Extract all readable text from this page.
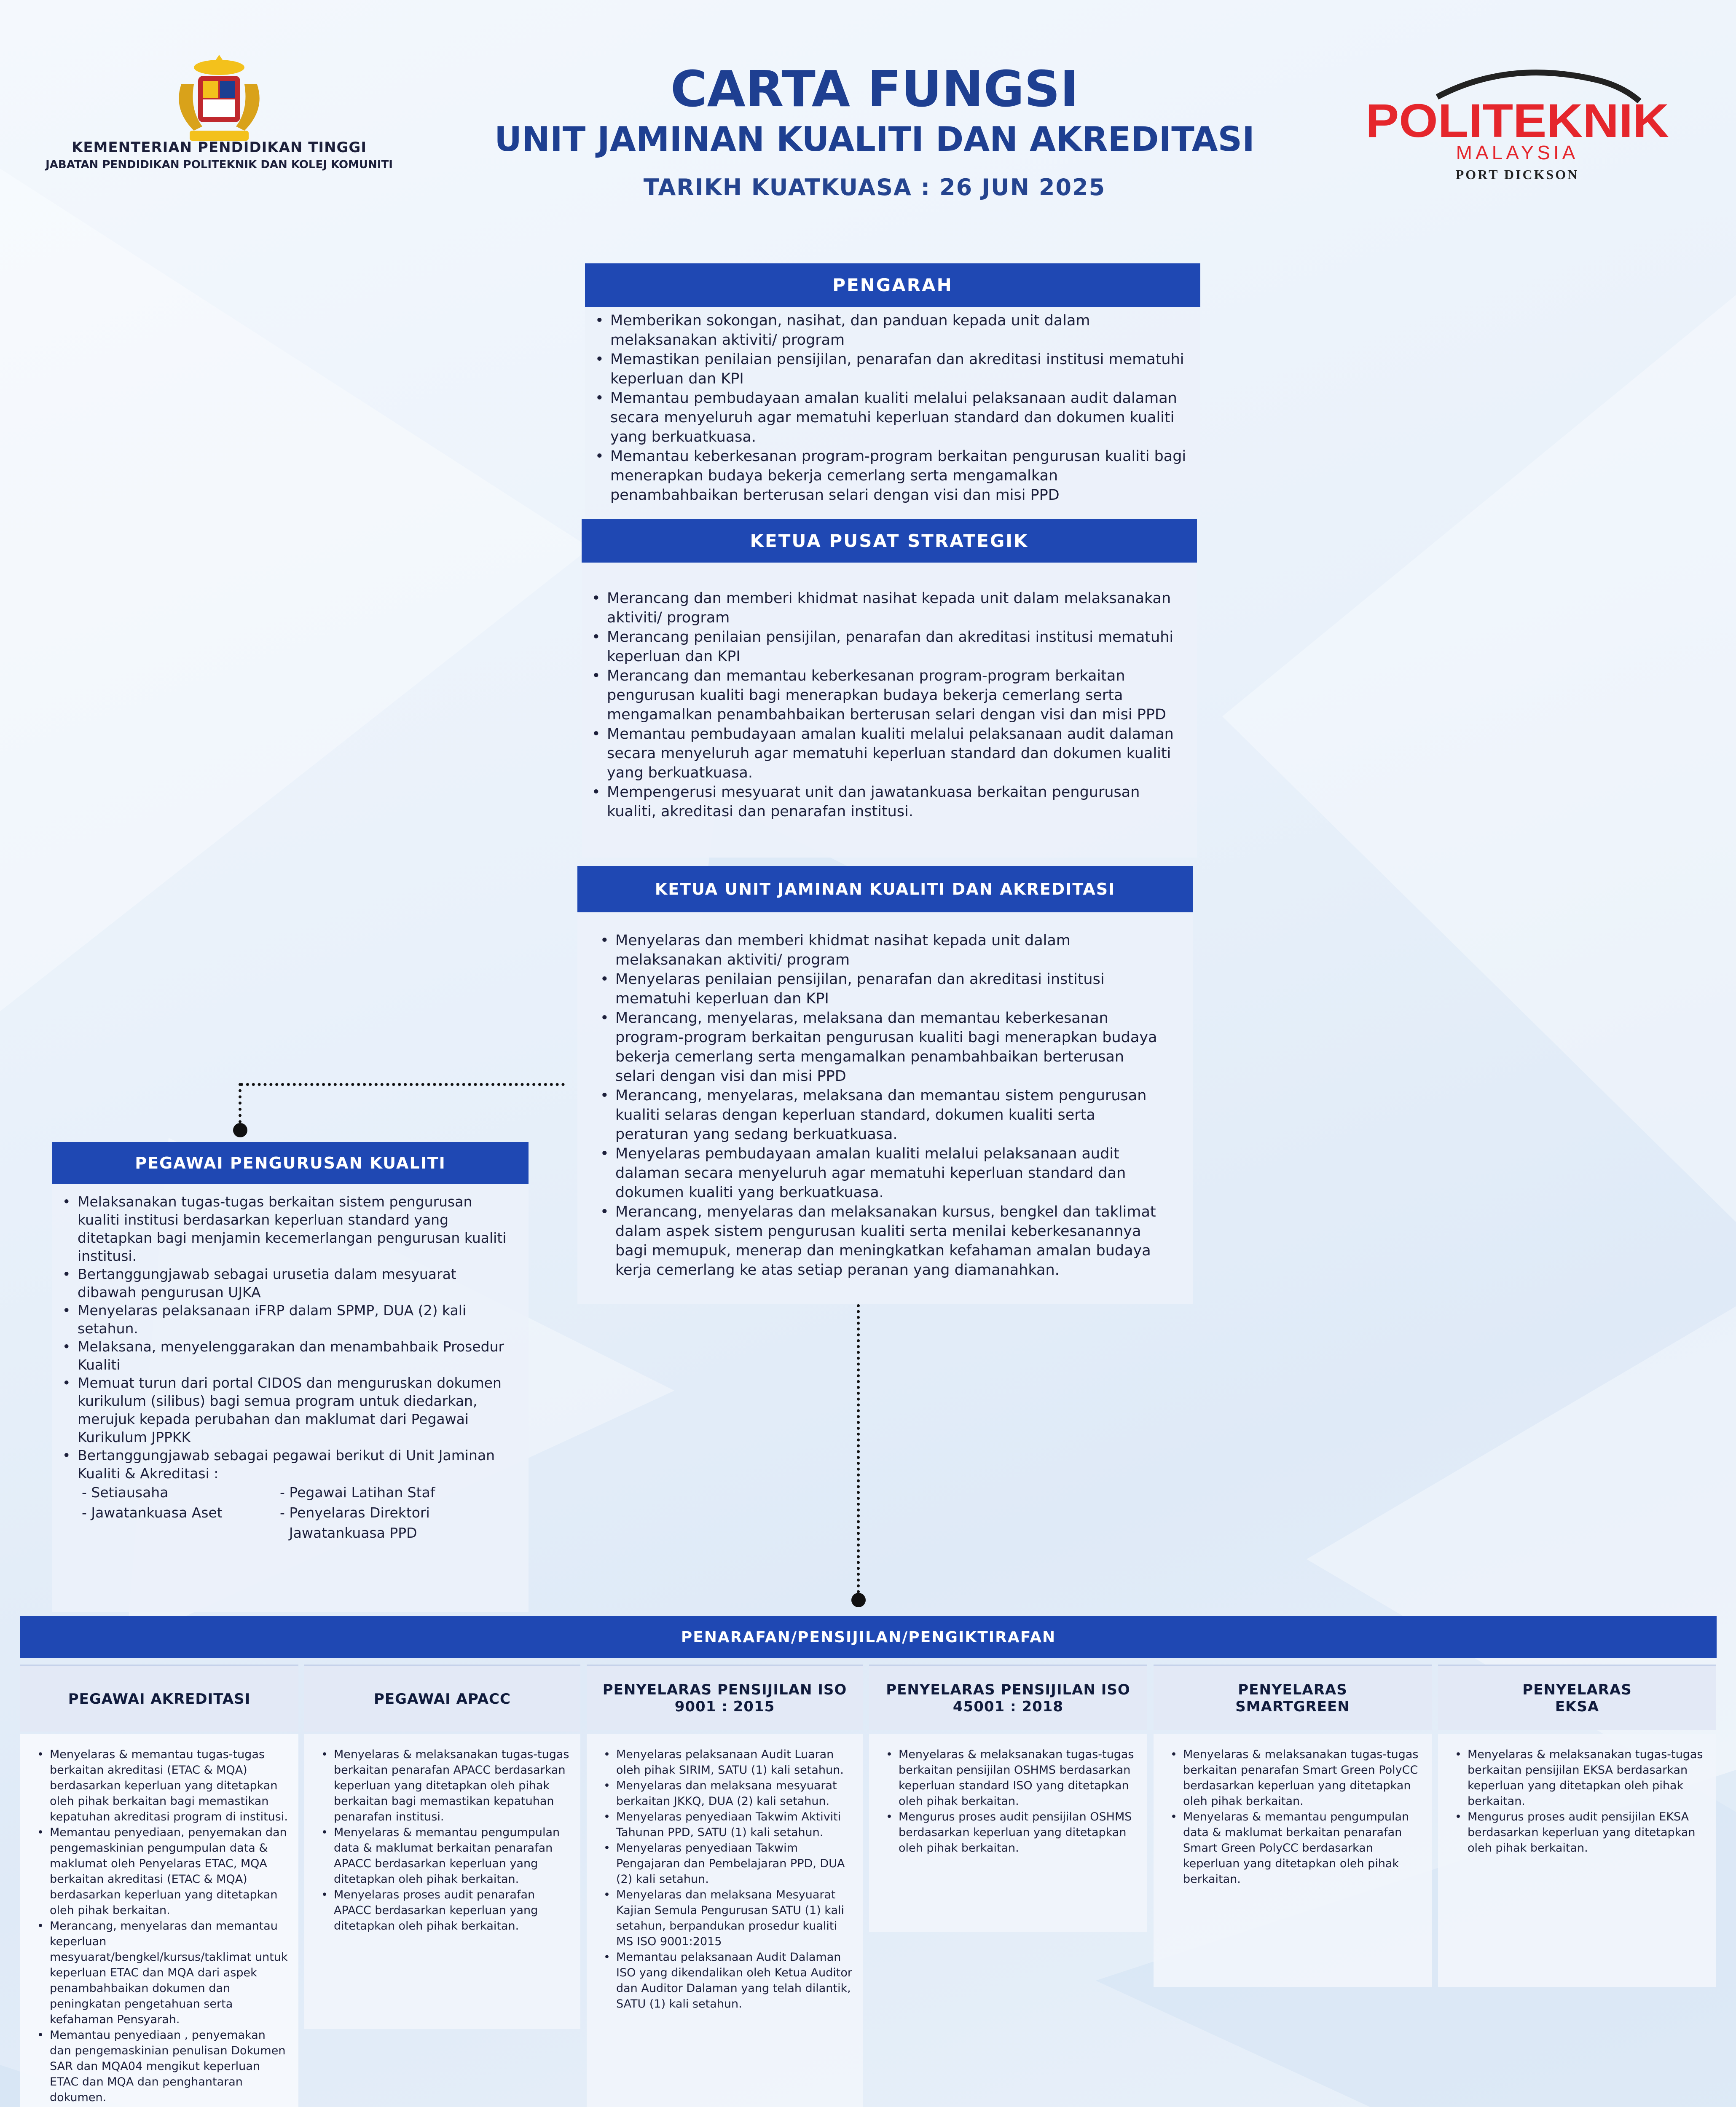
KEMENTERIAN PENDIDIKAN TINGGI
JABATAN PENDIDIKAN POLITEKNIK DAN KOLEJ KOMUNITI
CARTA FUNGSI
UNIT JAMINAN KUALITI DAN AKREDITASI
TARIKH KUATKUASA : 26 JUN 2025
POLITEKNIK
MALAYSIA
PORT DICKSON
PENGARAH
• Memberikan sokongan, nasihat, dan panduan kepada unit dalam melaksanakan aktiviti/ program
• Memastikan penilaian pensijilan, penarafan dan akreditasi institusi mematuhi keperluan dan KPI
• Memantau pembudayaan amalan kualiti melalui pelaksanaan audit dalaman secara menyeluruh agar mematuhi keperluan standard dan dokumen kualiti yang berkuatkuasa.
• Memantau keberkesanan program-program berkaitan pengurusan kualiti bagi menerapkan budaya bekerja cemerlang serta mengamalkan penambahbaikan berterusan selari dengan visi dan misi PPD
KETUA PUSAT STRATEGIK
• Merancang dan memberi khidmat nasihat kepada unit dalam melaksanakan aktiviti/ program
• Merancang penilaian pensijilan, penarafan dan akreditasi institusi mematuhi keperluan dan KPI
• Merancang dan memantau keberkesanan program-program berkaitan pengurusan kualiti bagi menerapkan budaya bekerja cemerlang serta mengamalkan penambahbaikan berterusan selari dengan visi dan misi PPD
• Memantau pembudayaan amalan kualiti melalui pelaksanaan audit dalaman secara menyeluruh agar mematuhi keperluan standard dan dokumen kualiti yang berkuatkuasa.
• Mempengerusi mesyuarat unit dan jawatankuasa berkaitan pengurusan kualiti, akreditasi dan penarafan institusi.
KETUA UNIT JAMINAN KUALITI DAN AKREDITASI
• Menyelaras dan memberi khidmat nasihat kepada unit dalam melaksanakan aktiviti/ program
• Menyelaras penilaian pensijilan, penarafan dan akreditasi institusi mematuhi keperluan dan KPI
• Merancang, menyelaras, melaksana dan memantau keberkesanan program-program berkaitan pengurusan kualiti bagi menerapkan budaya bekerja cemerlang serta mengamalkan penambahbaikan berterusan selari dengan visi dan misi PPD
• Merancang, menyelaras, melaksana dan memantau sistem pengurusan kualiti selaras dengan keperluan standard, dokumen kualiti serta peraturan yang sedang berkuatkuasa.
• Menyelaras pembudayaan amalan kualiti melalui pelaksanaan audit dalaman secara menyeluruh agar mematuhi keperluan standard dan dokumen kualiti yang berkuatkuasa.
• Merancang, menyelaras dan melaksanakan kursus, bengkel dan taklimat dalam aspek sistem pengurusan kualiti serta menilai keberkesanannya bagi memupuk, menerap dan meningkatkan kefahaman amalan budaya kerja cemerlang ke atas setiap peranan yang diamanahkan.
PEGAWAI PENGURUSAN KUALITI
• Melaksanakan tugas-tugas berkaitan sistem pengurusan kualiti institusi berdasarkan keperluan standard yang ditetapkan bagi menjamin kecemerlangan pengurusan kualiti institusi.
• Bertanggungjawab sebagai urusetia dalam mesyuarat dibawah pengurusan UJKA
• Menyelaras pelaksanaan iFRP dalam SPMP, DUA (2) kali setahun.
• Melaksana, menyelenggarakan dan menambahbaik Prosedur Kualiti
• Memuat turun dari portal CIDOS dan menguruskan dokumen kurikulum (silibus) bagi semua program untuk diedarkan, merujuk kepada perubahan dan maklumat dari Pegawai Kurikulum JPPKK
• Bertanggungjawab sebagai pegawai berikut di Unit Jaminan Kualiti & Akreditasi :
- Setiausaha
- Jawatankuasa Aset
- Pegawai Latihan Staf
- Penyelaras Direktori
Jawatankuasa PPD
PENARAFAN/PENSIJILAN/PENGIKTIRAFAN
PEGAWAI AKREDITASI	PEGAWAI APACC
PENYELARAS PENSIJILAN ISO 9001 : 2015
PENYELARAS PENSIJILAN ISO 45001 : 2018
PENYELARAS SMARTGREEN
PENYELARAS EKSA
• Menyelaras & memantau tugas-tugas berkaitan akreditasi (ETAC & MQA) berdasarkan keperluan yang ditetapkan oleh pihak berkaitan bagi memastikan kepatuhan akreditasi program di institusi.
• Memantau penyediaan, penyemakan dan pengemaskinian pengumpulan data & maklumat oleh Penyelaras ETAC, MQA berkaitan akreditasi (ETAC & MQA) berdasarkan keperluan yang ditetapkan oleh pihak berkaitan.
• Merancang, menyelaras dan memantau keperluan mesyuarat/bengkel/kursus/taklimat untuk keperluan ETAC dan MQA dari aspek penambahbaikan dokumen dan peningkatan pengetahuan serta kefahaman Pensyarah.
• Memantau penyediaan , penyemakan dan pengemaskinian penulisan Dokumen SAR dan MQA04 mengikut keperluan ETAC dan MQA dan penghantaran dokumen.
• Menyelaras & melaksanakan tugas-tugas berkaitan penarafan APACC berdasarkan keperluan yang ditetapkan oleh pihak berkaitan bagi memastikan kepatuhan penarafan institusi.
• Menyelaras & memantau pengumpulan data & maklumat berkaitan penarafan APACC berdasarkan keperluan yang ditetapkan oleh pihak berkaitan.
• Menyelaras proses audit penarafan APACC berdasarkan keperluan yang ditetapkan oleh pihak berkaitan.
• Menyelaras pelaksanaan Audit Luaran oleh pihak SIRIM, SATU (1) kali setahun.
• Menyelaras dan melaksana mesyuarat berkaitan JKKQ, DUA (2) kali setahun.
• Menyelaras penyediaan Takwim Aktiviti Tahunan PPD, SATU (1) kali setahun.
• Menyelaras penyediaan Takwim Pengajaran dan Pembelajaran PPD, DUA (2) kali setahun.
• Menyelaras dan melaksana Mesyuarat Kajian Semula Pengurusan SATU (1) kali setahun, berpandukan prosedur kualiti MS ISO 9001:2015
• Memantau pelaksanaan Audit Dalaman ISO yang dikendalikan oleh Ketua Auditor dan Auditor Dalaman yang telah dilantik, SATU (1) kali setahun.
• Menyelaras & melaksanakan tugas-tugas berkaitan pensijilan OSHMS berdasarkan keperluan standard ISO yang ditetapkan oleh pihak berkaitan.
• Mengurus proses audit pensijilan OSHMS berdasarkan keperluan yang ditetapkan oleh pihak berkaitan.
• Menyelaras & melaksanakan tugas-tugas berkaitan penarafan Smart Green PolyCC berdasarkan keperluan yang ditetapkan oleh pihak berkaitan.
• Menyelaras & memantau pengumpulan data & maklumat berkaitan penarafan Smart Green PolyCC berdasarkan keperluan yang ditetapkan oleh pihak berkaitan.
• Menyelaras & melaksanakan tugas-tugas berkaitan pensijilan EKSA berdasarkan keperluan yang ditetapkan oleh pihak berkaitan.
• Mengurus proses audit pensijilan EKSA berdasarkan keperluan yang ditetapkan oleh pihak berkaitan.
